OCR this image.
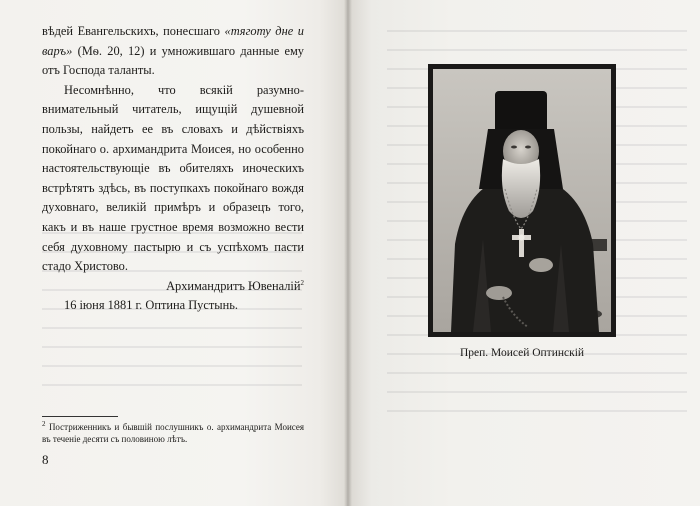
вѣдей Евангельскихъ, понесшаго «тяготу дне и варъ» (Мѳ. 20, 12) и умножившаго данные ему отъ Господа таланты.

Несомнѣнно, что всякій разумно-внимательный читатель, ищущій душевной пользы, найдетъ ее въ словахъ и дѣйствіяхъ покойнаго о. архимандрита Моисея, но особенно настоятельствующіе въ обителяхъ иноческихъ встрѣтятъ здѣсь, въ поступкахъ покойнаго вождя духовнаго, великій примѣръ и образецъ того, какъ и въ наше грустное время возможно вести себя духовному пастырю и съ успѣхомъ пасти стадо Христово.

Архимандритъ Ювеналій$^2$

16 іюня 1881 г. Оптина Пустынь.

$^2$ Постриженникъ и бывшій послушникъ о. архимандрита Моисея въ теченіе десяти съ половиною лѣтъ.
8
Преп. Моисей Оптинскій
